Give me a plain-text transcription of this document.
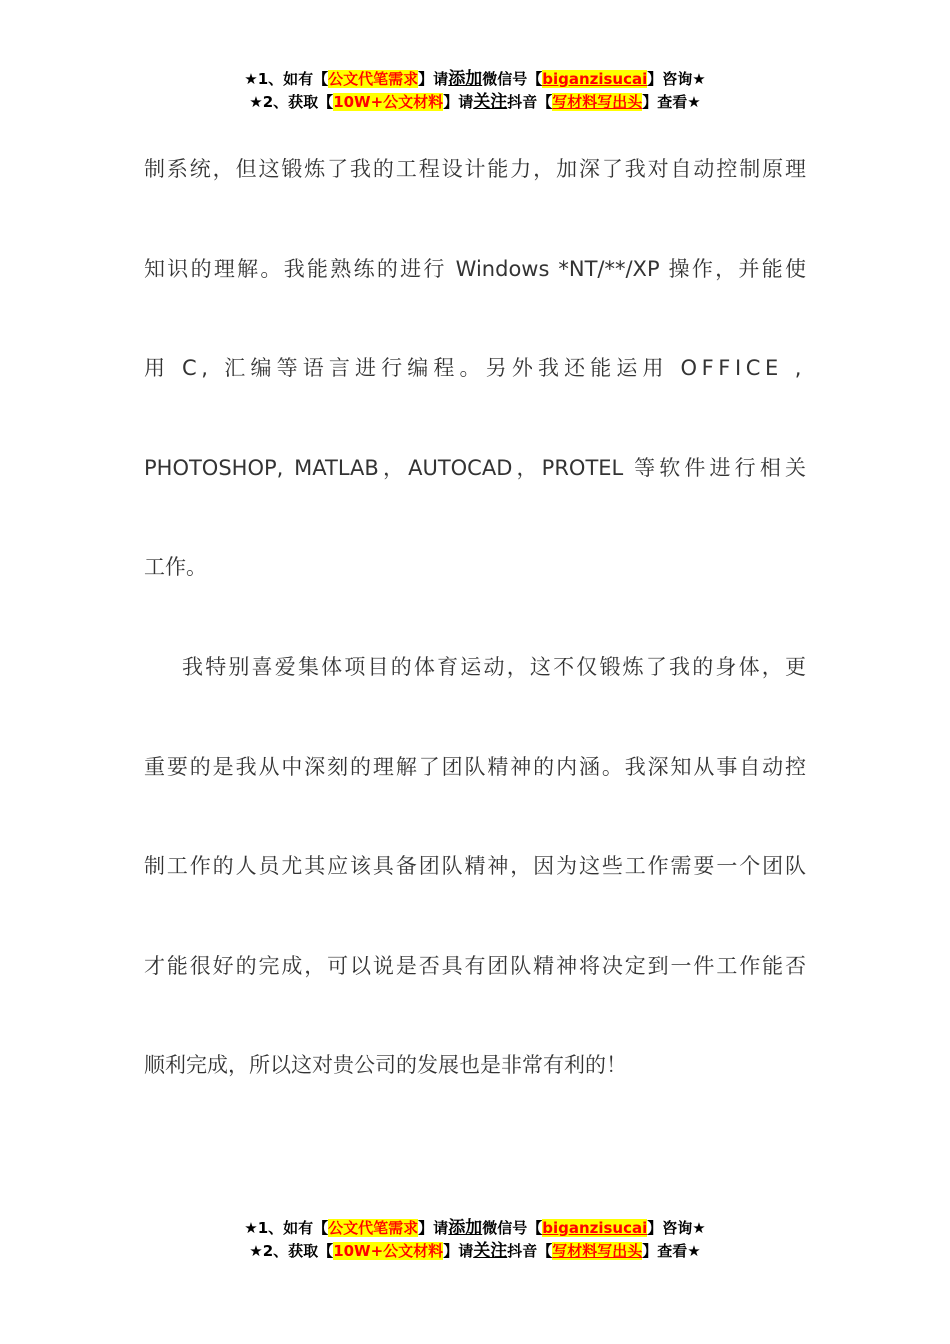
★1、如有【公文代笔需求】请添加微信号【biganzisucai】咨询★
★2、获取【10W+公文材料】请关注抖音【写材料写出头】查看★

制系统，但这锻炼了我的工程设计能力，加深了我对自动控制原理

知识的理解。我能熟练的进行 Windows *NT/**/XP 操作，并能使

用 C, 汇编等语言进行编程。另外我还能运用 OFFICE ,

PHOTOSHOP, MATLAB，AUTOCAD，PROTEL 等软件进行相关

工作。

我特别喜爱集体项目的体育运动，这不仅锻炼了我的身体，更

重要的是我从中深刻的理解了团队精神的内涵。我深知从事自动控

制工作的人员尤其应该具备团队精神，因为这些工作需要一个团队

才能很好的完成，可以说是否具有团队精神将决定到一件工作能否

顺利完成，所以这对贵公司的发展也是非常有利的！

★1、如有【公文代笔需求】请添加微信号【biganzisucai】咨询★
★2、获取【10W+公文材料】请关注抖音【写材料写出头】查看★
